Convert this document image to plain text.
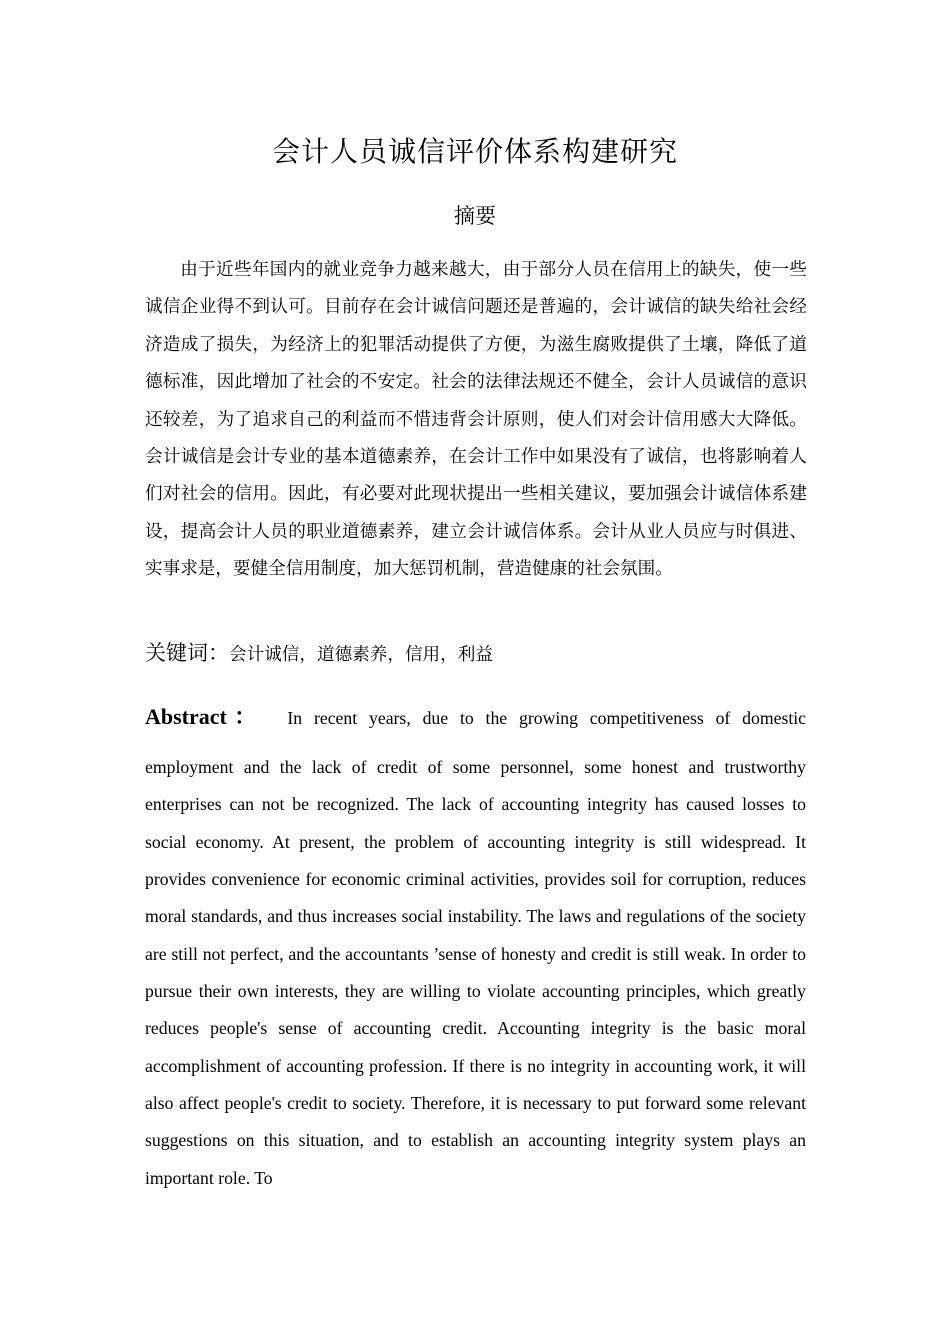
会计人员诚信评价体系构建研究
摘要

由于近些年国内的就业竞争力越来越大，由于部分人员在信用上的缺失，使一些诚信企业得不到认可。目前存在会计诚信问题还是普遍的，会计诚信的缺失给社会经济造成了损失，为经济上的犯罪活动提供了方便，为滋生腐败提供了土壤，降低了道德标准，因此增加了社会的不安定。社会的法律法规还不健全，会计人员诚信的意识还较差，为了追求自己的利益而不惜违背会计原则，使人们对会计信用感大大降低。会计诚信是会计专业的基本道德素养，在会计工作中如果没有了诚信，也将影响着人们对社会的信用。因此，有必要对此现状提出一些相关建议，要加强会计诚信体系建设，提高会计人员的职业道德素养，建立会计诚信体系。会计从业人员应与时俱进、实事求是，要健全信用制度，加大惩罚机制，营造健康的社会氛围。

关键词：会计诚信，道德素养，信用，利益
Abstract： In recent years, due to the growing competitiveness of domestic
employment and the lack of credit of some personnel, some honest and trustworthy enterprises can not be recognized. The lack of accounting integrity has caused losses to social economy. At present, the problem of accounting integrity is still widespread. It provides convenience for economic criminal activities, provides soil for corruption, reduces moral standards, and thus increases social instability. The laws and regulations of the society are still not perfect, and the accountants ’sense of honesty and credit is still weak. In order to pursue their own interests, they are willing to violate accounting principles, which greatly reduces people's sense of accounting credit. Accounting integrity is the basic moral accomplishment of accounting profession. If there is no integrity in accounting work, it will also affect people's credit to society. Therefore, it is necessary to put forward some relevant suggestions on this situation, and to establish an accounting integrity system plays an important role. To
